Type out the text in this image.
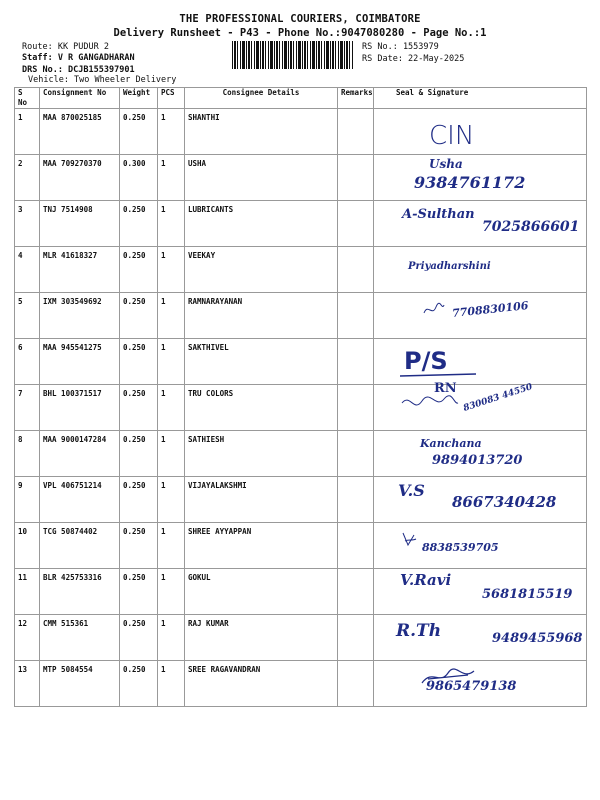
THE PROFESSIONAL COURIERS, COIMBATORE
Delivery Runsheet - P43 - Phone No.:9047080280 - Page No.:1
Route: KK PUDUR 2
Staff: V R GANGADHARAN
DRS No.: DCJB155397901
Vehicle: Two Wheeler Delivery
RS No.: 1553979
RS Date: 22-May-2025
S No	Consignment No	Weight	PCS	Consignee Details	Remarks	Seal & Signature
1	MAA 870025185	0.250	1	SHANTHI		CIN

2	MAA 709270370	0.300	1	USHA		Usha
9384761172

3	TNJ 7514908	0.250	1	LUBRICANTS		A-Sulthan
7025866601

4	MLR 41618327	0.250	1	VEEKAY		Priyadharshini

5	IXM 303549692	0.250	1	RAMNARAYANAN		7708830106

6	MAA 945541275	0.250	1	SAKTHIVEL		P/S

7	BHL 100371517	0.250	1	TRU COLORS		RN 830083 44550

8	MAA 9000147284	0.250	1	SATHIESH		Kanchana
9894013720

9	VPL 406751214	0.250	1	VIJAYALAKSHMI		V.S
8667340428

10	TCG 50874402	0.250	1	SHREE AYYAPPAN		8838539705

11	BLR 425753316	0.250	1	GOKUL		V.Ravi
5681815519

12	CMM 515361	0.250	1	RAJ KUMAR		R.Th 9489455968

13	MTP 5084554	0.250	1	SREE RAGAVANDRAN		9865479138
